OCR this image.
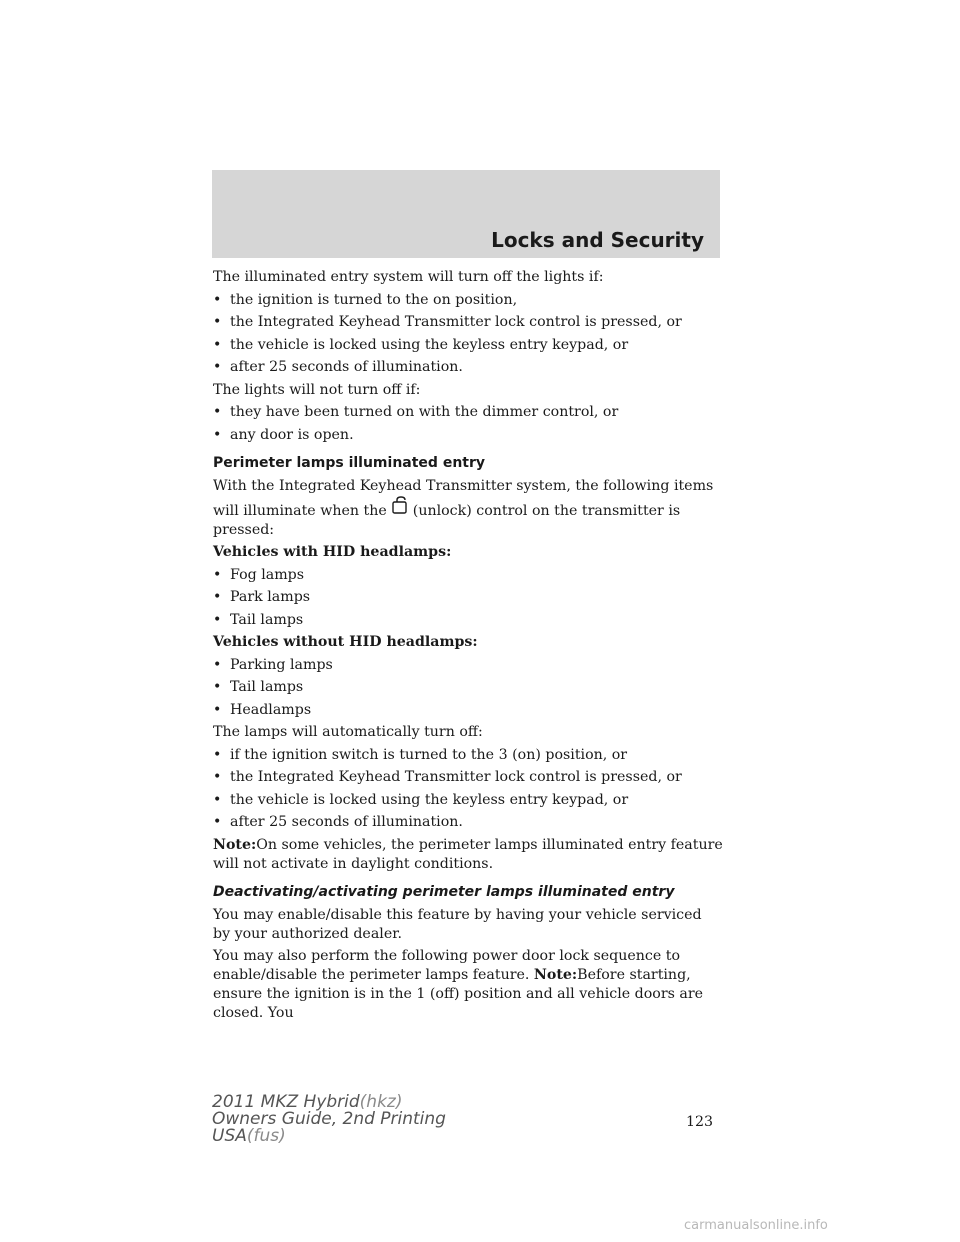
Locks and Security

The illuminated entry system will turn off the lights if:

• the ignition is turned to the on position,
• the Integrated Keyhead Transmitter lock control is pressed, or
• the vehicle is locked using the keyless entry keypad, or
• after 25 seconds of illumination.

The lights will not turn off if:

• they have been turned on with the dimmer control, or
• any door is open.
Perimeter lamps illuminated entry

With the Integrated Keyhead Transmitter system, the following items will illuminate when the (unlock) control on the transmitter is pressed:

Vehicles with HID headlamps:

• Fog lamps
• Park lamps
• Tail lamps

Vehicles without HID headlamps:

• Parking lamps
• Tail lamps
• Headlamps

The lamps will automatically turn off:

• if the ignition switch is turned to the 3 (on) position, or
• the Integrated Keyhead Transmitter lock control is pressed, or
• the vehicle is locked using the keyless entry keypad, or
• after 25 seconds of illumination.

Note:On some vehicles, the perimeter lamps illuminated entry feature will not activate in daylight conditions.

Deactivating/activating perimeter lamps illuminated entry

You may enable/disable this feature by having your vehicle serviced by your authorized dealer.

You may also perform the following power door lock sequence to enable/disable the perimeter lamps feature. Note:Before starting, ensure the ignition is in the 1 (off) position and all vehicle doors are closed. You

123
2011 MKZ Hybrid(hkz)
Owners Guide, 2nd Printing
USA(fus)
carmanualsonline.info
